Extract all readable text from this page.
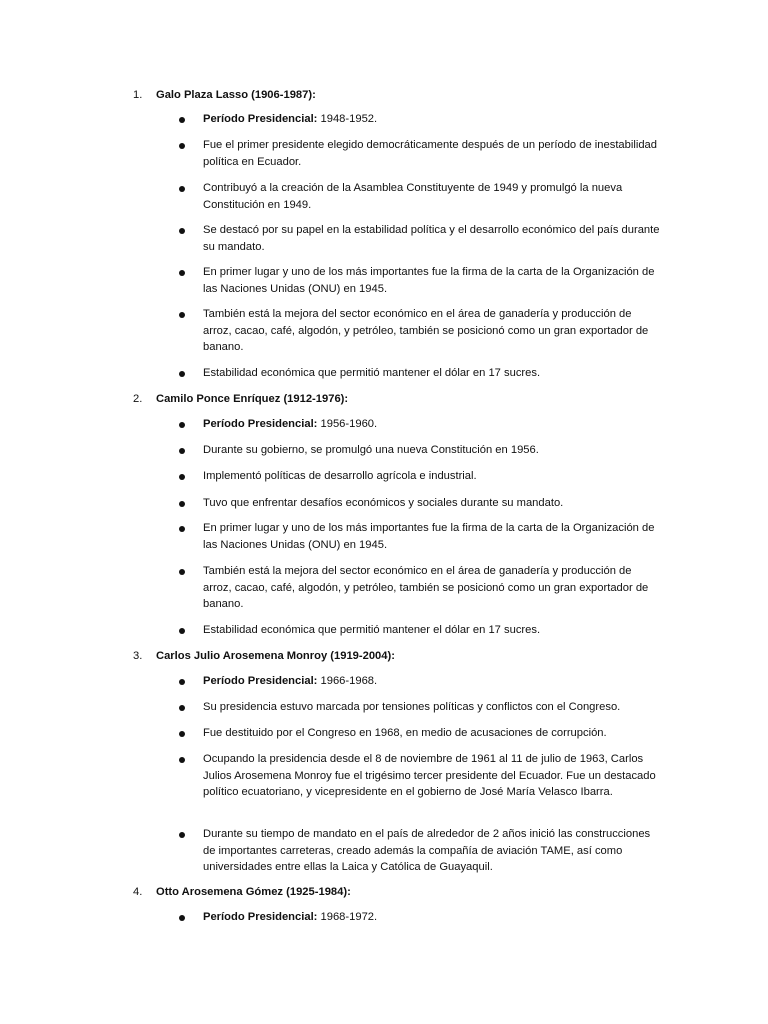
1. Galo Plaza Lasso (1906-1987):
Período Presidencial: 1948-1952.
Fue el primer presidente elegido democráticamente después de un período de inestabilidad política en Ecuador.
Contribuyó a la creación de la Asamblea Constituyente de 1949 y promulgó la nueva Constitución en 1949.
Se destacó por su papel en la estabilidad política y el desarrollo económico del país durante su mandato.
En primer lugar y uno de los más importantes fue la firma de la carta de la Organización de las Naciones Unidas (ONU) en 1945.
También está la mejora del sector económico en el área de ganadería y producción de arroz, cacao, café, algodón, y petróleo, también se posicionó como un gran exportador de banano.
Estabilidad económica que permitió mantener el dólar en 17 sucres.
2. Camilo Ponce Enríquez (1912-1976):
Período Presidencial: 1956-1960.
Durante su gobierno, se promulgó una nueva Constitución en 1956.
Implementó políticas de desarrollo agrícola e industrial.
Tuvo que enfrentar desafíos económicos y sociales durante su mandato.
En primer lugar y uno de los más importantes fue la firma de la carta de la Organización de las Naciones Unidas (ONU) en 1945.
También está la mejora del sector económico en el área de ganadería y producción de arroz, cacao, café, algodón, y petróleo, también se posicionó como un gran exportador de banano.
Estabilidad económica que permitió mantener el dólar en 17 sucres.
3. Carlos Julio Arosemena Monroy (1919-2004):
Período Presidencial: 1966-1968.
Su presidencia estuvo marcada por tensiones políticas y conflictos con el Congreso.
Fue destituido por el Congreso en 1968, en medio de acusaciones de corrupción.
Ocupando la presidencia desde el 8 de noviembre de 1961 al 11 de julio de 1963, Carlos Julios Arosemena Monroy fue el trigésimo tercer presidente del Ecuador. Fue un destacado político ecuatoriano, y vicepresidente en el gobierno de José María Velasco Ibarra.
Durante su tiempo de mandato en el país de alrededor de 2 años inició las construcciones de importantes carreteras, creado además la compañía de aviación TAME, así como universidades entre ellas la Laica y Católica de Guayaquil.
4. Otto Arosemena Gómez (1925-1984):
Período Presidencial: 1968-1972.
